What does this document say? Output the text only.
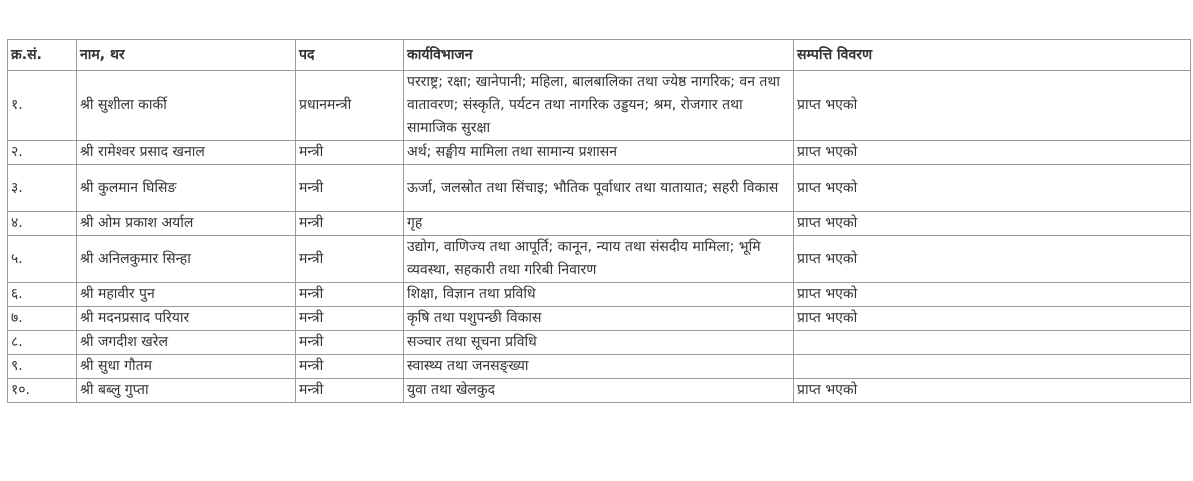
क्र.सं.	नाम, थर	पद	कार्यविभाजन	सम्पत्ति विवरण
१.	श्री सुशीला कार्की	प्रधानमन्त्री	परराष्ट्र; रक्षा; खानेपानी; महिला, बालबालिका तथा ज्येष्ठ नागरिक; वन तथा वातावरण; संस्कृति, पर्यटन तथा नागरिक उड्डयन; श्रम, रोजगार तथा सामाजिक सुरक्षा	प्राप्त भएको
२.	श्री रामेश्वर प्रसाद खनाल	मन्त्री	अर्थ; सङ्घीय मामिला तथा सामान्य प्रशासन	प्राप्त भएको
३.	श्री कुलमान घिसिङ	मन्त्री	ऊर्जा, जलस्रोत तथा सिंचाइ; भौतिक पूर्वाधार तथा यातायात; सहरी विकास	प्राप्त भएको
४.	श्री ओम प्रकाश अर्याल	मन्त्री	गृह	प्राप्त भएको
५.	श्री अनिलकुमार सिन्हा	मन्त्री	उद्योग, वाणिज्य तथा आपूर्ति; कानून, न्याय तथा संसदीय मामिला; भूमि व्यवस्था, सहकारी तथा गरिबी निवारण	प्राप्त भएको
६.	श्री महावीर पुन	मन्त्री	शिक्षा, विज्ञान तथा प्रविधि	प्राप्त भएको
७.	श्री मदनप्रसाद परियार	मन्त्री	कृषि तथा पशुपन्छी विकास	प्राप्त भएको
८.	श्री जगदीश खरेल	मन्त्री	सञ्चार तथा सूचना प्रविधि	
९.	श्री सुधा गौतम	मन्त्री	स्वास्थ्य तथा जनसङ्ख्या	
१०.	श्री बब्लु गुप्ता	मन्त्री	युवा तथा खेलकुद	प्राप्त भएको
